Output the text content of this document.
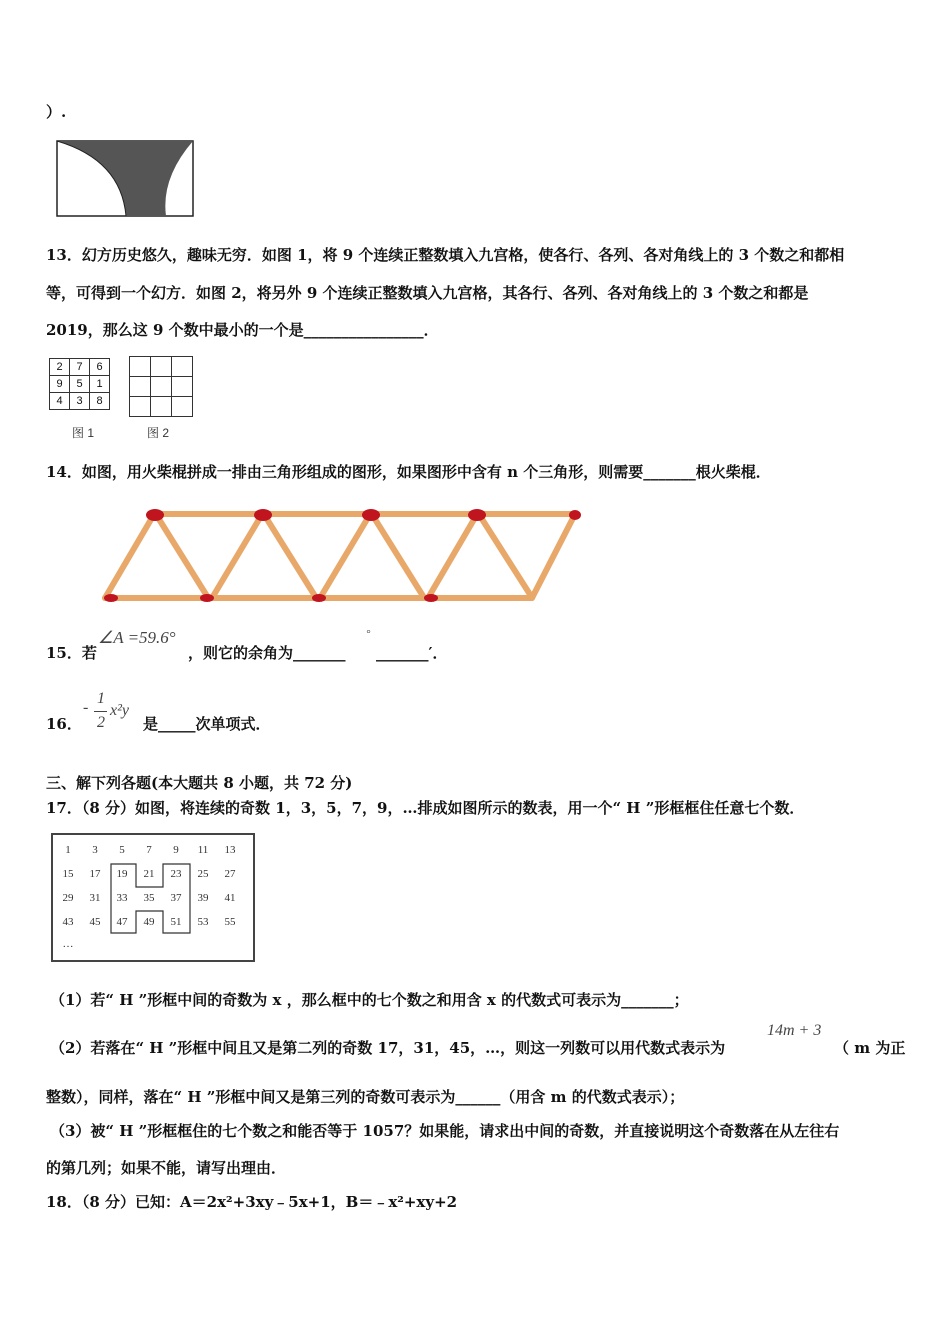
）.
13．幻方历史悠久，趣味无穷．如图 1，将 9 个连续正整数填入九宫格，使各行、各列、各对角线上的 3 个数之和都相
等，可得到一个幻方．如图 2，将另外 9 个连续正整数填入九宫格，其各行、各列、各对角线上的 3 个数之和都是
2019，那么这 9 个数中最小的一个是________________．
2	7	6
9	5	1
4	3	8

图 1	图 2
14．如图，用火柴棍拼成一排由三角形组成的图形，如果图形中含有 n 个三角形，则需要_______根火柴棍．
15．若
∠A =59.6°
，则它的余角为_______
°
_______′．
16．
-
1
2
x²y
是_____次单项式．
三、解下列各题(本大题共 8 小题，共 72 分)
17．（8 分）如图，将连续的奇数 1，3，5，7，9，…排成如图所示的数表，用一个“ H ”形框框住任意七个数．
1	3	5	7	9	11	13
15	17	19	21	23	25	27
29	31	33	35	37	39	41
43	45	47	49	51	53	55
…
（1）若“ H ”形框中间的奇数为 x ，那么框中的七个数之和用含 x 的代数式可表示为_______；
（2）若落在“ H ”形框中间且又是第二列的奇数 17，31，45，…，则这一列数可以用代数式表示为
14m + 3
（ m 为正
整数），同样，落在“ H ”形框中间又是第三列的奇数可表示为______（用含 m 的代数式表示）；
（3）被“ H ”形框框住的七个数之和能否等于 1057？如果能，请求出中间的奇数，并直接说明这个奇数落在从左往右
的第几列；如果不能，请写出理由．
18．（8 分）已知：A＝2x²+3xy﹣5x+1，B＝﹣x²+xy+2
